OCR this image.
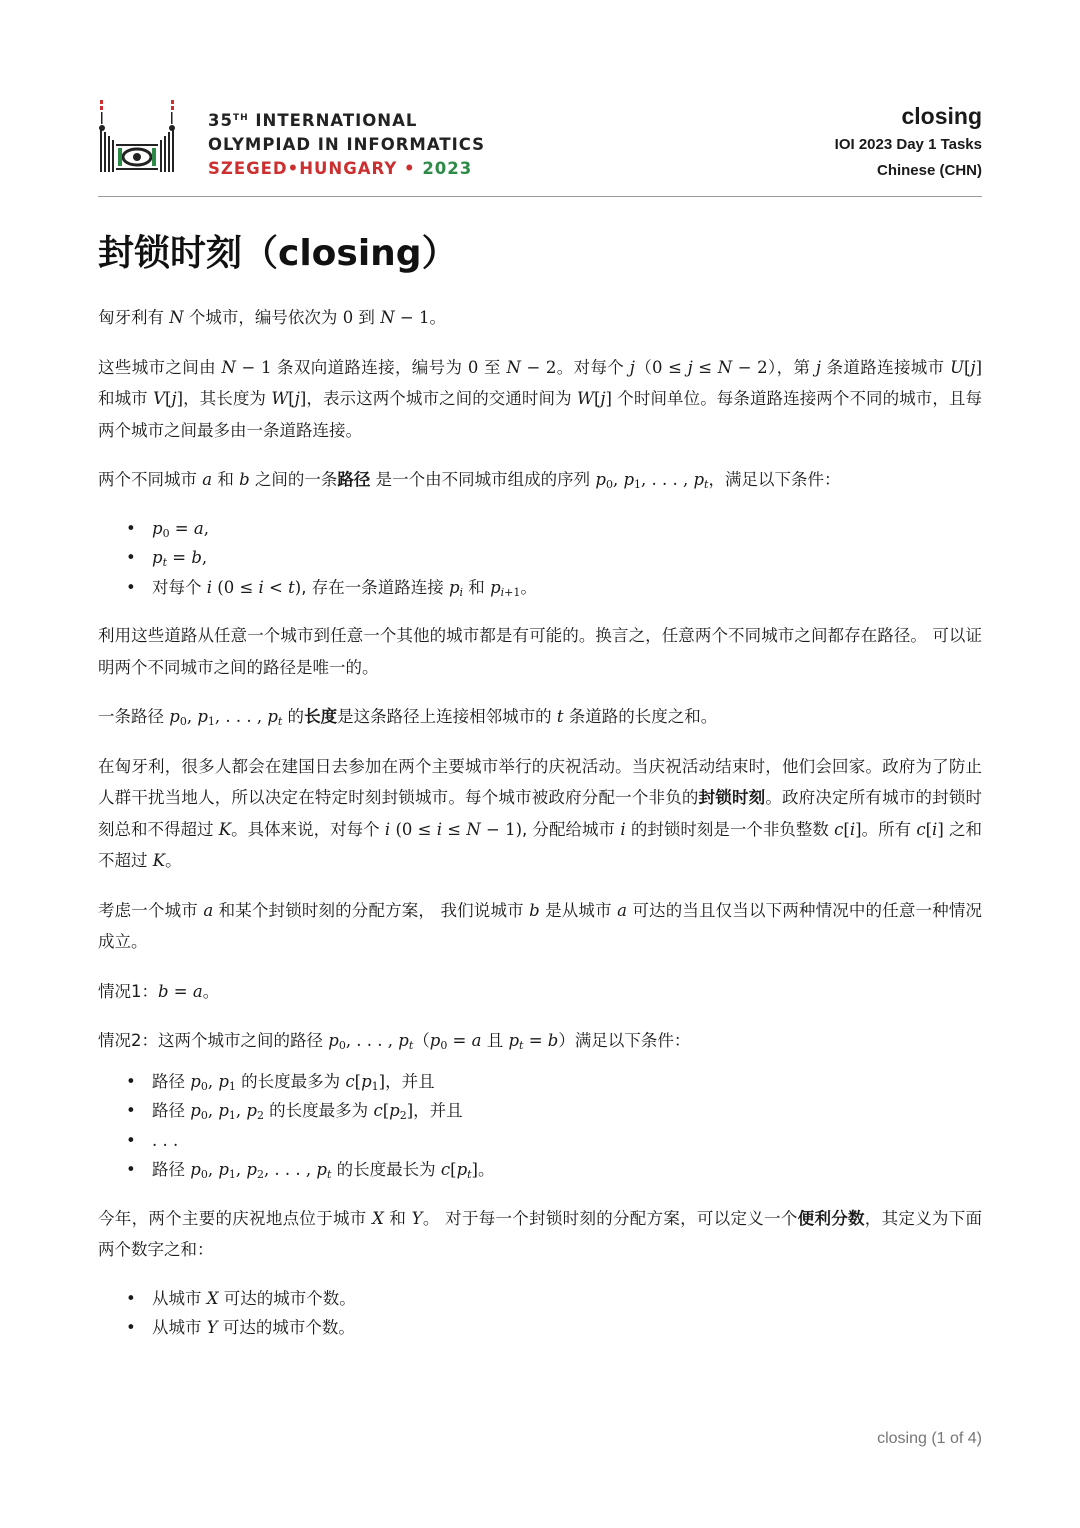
35TH INTERNATIONAL
OLYMPIAD IN INFORMATICS
SZEGED•HUNGARY • 2023
closing
IOI 2023 Day 1 Tasks
Chinese (CHN)
封锁时刻（closing）

匈牙利有 N 个城市，编号依次为 0 到 N − 1。

这些城市之间由 N − 1 条双向道路连接，编号为 0 至 N − 2。对每个 j（0 ≤ j ≤ N − 2），第 j 条道路连接城市 U[j] 和城市 V[j]，其长度为 W[j]，表示这两个城市之间的交通时间为 W[j] 个时间单位。每条道路连接两个不同的城市，且每两个城市之间最多由一条道路连接。

两个不同城市 a 和 b 之间的一条路径 是一个由不同城市组成的序列 $p_0$, $p_1$, . . . , $p_t$，满足以下条件：

• $p_0 = a$,
• $p_t = b$,
• 对每个 i (0 ≤ i < t), 存在一条道路连接 $p_i$ 和 $p_{i+1}$。

利用这些道路从任意一个城市到任意一个其他的城市都是有可能的。换言之，任意两个不同城市之间都存在路径。 可以证明两个不同城市之间的路径是唯一的。

一条路径 $p_0$, $p_1$, . . . , $p_t$ 的长度是这条路径上连接相邻城市的 t 条道路的长度之和。

在匈牙利，很多人都会在建国日去参加在两个主要城市举行的庆祝活动。当庆祝活动结束时，他们会回家。政府为了防止人群干扰当地人，所以决定在特定时刻封锁城市。每个城市被政府分配一个非负的封锁时刻。政府决定所有城市的封锁时刻总和不得超过 K。具体来说，对每个 i (0 ≤ i ≤ N − 1), 分配给城市 i 的封锁时刻是一个非负整数 c[i]。所有 c[i] 之和不超过 K。

考虑一个城市 a 和某个封锁时刻的分配方案， 我们说城市 b 是从城市 a 可达的当且仅当以下两种情况中的任意一种情况成立。

情况1：b = a。

情况2：这两个城市之间的路径 $p_0$, . . . , $p_t(p_0 = a$ 且 $p_t = b$）满足以下条件：

• 路径 $p_0$, $p_1$ 的长度最多为 $c[p_1]$，并且
• 路径 $p_0$, $p_1$, $p_2$ 的长度最多为 $c[p_2]$，并且
• . . .
• 路径 $p_0$, $p_1$, $p_2$, . . . , $p_t$ 的长度最长为 $c[p_t]$。

今年，两个主要的庆祝地点位于城市 X 和 Y。 对于每一个封锁时刻的分配方案，可以定义一个便利分数，其定义为下面两个数字之和：

• 从城市 X 可达的城市个数。
• 从城市 Y 可达的城市个数。
closing (1 of 4)
